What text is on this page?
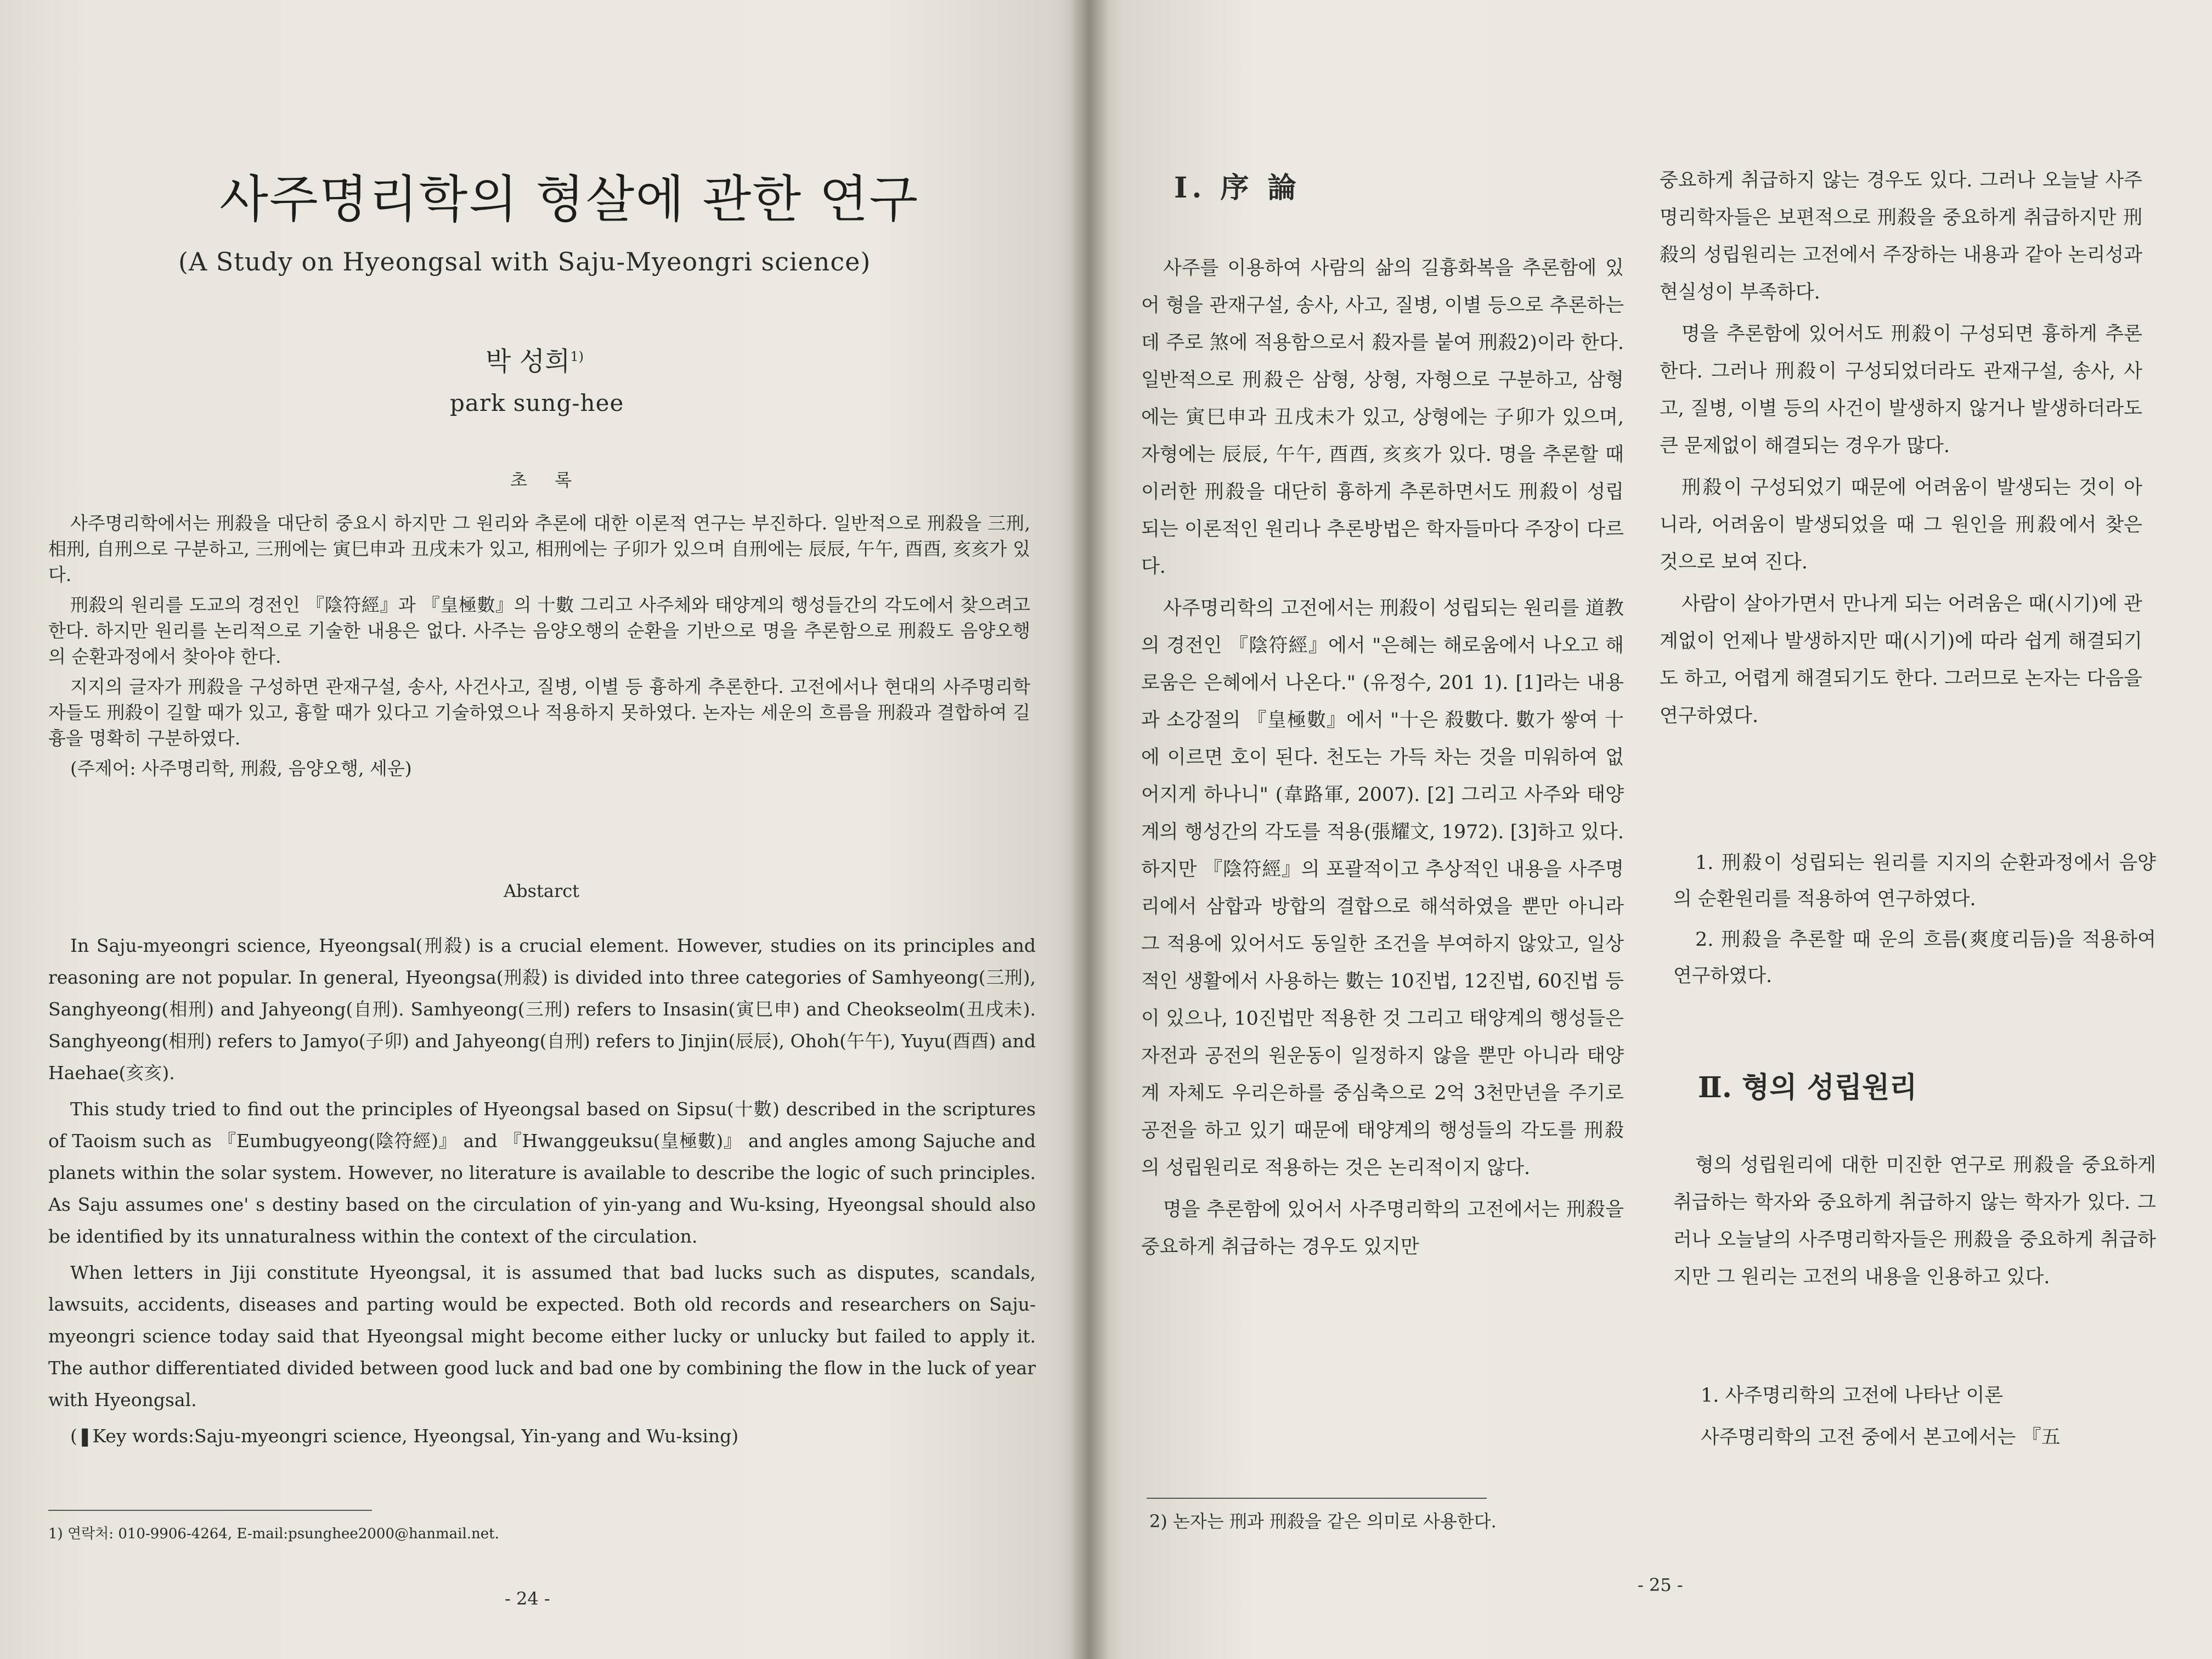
사주명리학의 형살에 관한 연구
(A Study on Hyeongsal with Saju-Myeongri science)
박 성희$^{1)}$
park sung-hee
초 록

사주명리학에서는 刑殺을 대단히 중요시 하지만 그 원리와 추론에 대한 이론적 연구는 부진하다. 일반적으로 刑殺을 三刑, 相刑, 自刑으로 구분하고, 三刑에는 寅巳申과 丑戌未가 있고, 相刑에는 子卯가 있으며 自刑에는 辰辰, 午午, 酉酉, 亥亥가 있다.

刑殺의 원리를 도교의 경전인 『陰符經』과 『皇極數』의 十數 그리고 사주체와 태양계의 행성들간의 각도에서 찾으려고 한다. 하지만 원리를 논리적으로 기술한 내용은 없다. 사주는 음양오행의 순환을 기반으로 명을 추론함으로 刑殺도 음양오행의 순환과정에서 찾아야 한다.

지지의 글자가 刑殺을 구성하면 관재구설, 송사, 사건사고, 질병, 이별 등 흉하게 추론한다. 고전에서나 현대의 사주명리학자들도 刑殺이 길할 때가 있고, 흉할 때가 있다고 기술하였으나 적용하지 못하였다. 논자는 세운의 흐름을 刑殺과 결합하여 길흉을 명확히 구분하였다.

(주제어: 사주명리학, 刑殺, 음양오행, 세운)

Abstarct

In Saju-myeongri science, Hyeongsal(刑殺) is a crucial element. However, studies on its principles and reasoning are not popular. In general, Hyeongsa(刑殺) is divided into three categories of Samhyeong(三刑), Sanghyeong(相刑) and Jahyeong(自刑). Samhyeong(三刑) refers to Insasin(寅巳申) and Cheokseolm(丑戌未). Sanghyeong(相刑) refers to Jamyo(子卯) and Jahyeong(自刑) refers to Jinjin(辰辰), Ohoh(午午), Yuyu(酉酉) and Haehae(亥亥).

This study tried to find out the principles of Hyeongsal based on Sipsu(十數) described in the scriptures of Taoism such as 『Eumbugyeong(陰符經)』 and 『Hwanggeuksu(皇極數)』 and angles among Sajuche and planets within the solar system. However, no literature is available to describe the logic of such principles. As Saju assumes one' s destiny based on the circulation of yin-yang and Wu-ksing, Hyeongsal should also be identified by its unnaturalness within the context of the circulation.

When letters in Jiji constitute Hyeongsal, it is assumed that bad lucks such as disputes, scandals, lawsuits, accidents, diseases and parting would be expected. Both old records and researchers on Saju-myeongri science today said that Hyeongsal might become either lucky or unlucky but failed to apply it. The author differentiated divided between good luck and bad one by combining the flow in the luck of year with Hyeongsal.

(❚Key words:Saju-myeongri science, Hyeongsal, Yin-yang and Wu-ksing)

1) 연락처: 010-9906-4264, E-mail:psunghee2000@hanmail.net.
- 24 -
Ⅰ. 序 論

사주를 이용하여 사람의 삶의 길흉화복을 추론함에 있어 형을 관재구설, 송사, 사고, 질병, 이별 등으로 추론하는데 주로 煞에 적용함으로서 殺자를 붙여 刑殺2)이라 한다. 일반적으로 刑殺은 삼형, 상형, 자형으로 구분하고, 삼형에는 寅巳申과 丑戌未가 있고, 상형에는 子卯가 있으며, 자형에는 辰辰, 午午, 酉酉, 亥亥가 있다. 명을 추론할 때 이러한 刑殺을 대단히 흉하게 추론하면서도 刑殺이 성립되는 이론적인 원리나 추론방법은 학자들마다 주장이 다르다.

사주명리학의 고전에서는 刑殺이 성립되는 원리를 道教의 경전인 『陰符經』에서 "은혜는 해로움에서 나오고 해로움은 은혜에서 나온다." (유정수, 201 1). [1]라는 내용과 소강절의 『皇極數』에서 "十은 殺數다. 數가 쌓여 十에 이르면 호이 된다. 천도는 가득 차는 것을 미워하여 없어지게 하나니" (韋路軍, 2007). [2] 그리고 사주와 태양계의 행성간의 각도를 적용(張耀文, 1972). [3]하고 있다. 하지만 『陰符經』의 포괄적이고 추상적인 내용을 사주명리에서 삼합과 방합의 결합으로 해석하였을 뿐만 아니라 그 적용에 있어서도 동일한 조건을 부여하지 않았고, 일상적인 생활에서 사용하는 數는 10진법, 12진법, 60진법 등이 있으나, 10진법만 적용한 것 그리고 태양계의 행성들은 자전과 공전의 원운동이 일정하지 않을 뿐만 아니라 태양계 자체도 우리은하를 중심축으로 2억 3천만년을 주기로 공전을 하고 있기 때문에 태양계의 행성들의 각도를 刑殺의 성립원리로 적용하는 것은 논리적이지 않다.

명을 추론함에 있어서 사주명리학의 고전에서는 刑殺을 중요하게 취급하는 경우도 있지만

중요하게 취급하지 않는 경우도 있다. 그러나 오늘날 사주명리학자들은 보편적으로 刑殺을 중요하게 취급하지만 刑殺의 성립원리는 고전에서 주장하는 내용과 같아 논리성과 현실성이 부족하다.

명을 추론함에 있어서도 刑殺이 구성되면 흉하게 추론한다. 그러나 刑殺이 구성되었더라도 관재구설, 송사, 사고, 질병, 이별 등의 사건이 발생하지 않거나 발생하더라도 큰 문제없이 해결되는 경우가 많다.

刑殺이 구성되었기 때문에 어려움이 발생되는 것이 아니라, 어려움이 발생되었을 때 그 원인을 刑殺에서 찾은 것으로 보여 진다.

사람이 살아가면서 만나게 되는 어려움은 때(시기)에 관계없이 언제나 발생하지만 때(시기)에 따라 쉽게 해결되기도 하고, 어렵게 해결되기도 한다. 그러므로 논자는 다음을 연구하였다.

1. 刑殺이 성립되는 원리를 지지의 순환과정에서 음양의 순환원리를 적용하여 연구하였다.

2. 刑殺을 추론할 때 운의 흐름(爽度리듬)을 적용하여 연구하였다.

Ⅱ. 형의 성립원리

형의 성립원리에 대한 미진한 연구로 刑殺을 중요하게 취급하는 학자와 중요하게 취급하지 않는 학자가 있다. 그러나 오늘날의 사주명리학자들은 刑殺을 중요하게 취급하지만 그 원리는 고전의 내용을 인용하고 있다.

1. 사주명리학의 고전에 나타난 이론

사주명리학의 고전 중에서 본고에서는 『五

2) 논자는 刑과 刑殺을 같은 의미로 사용한다.
- 25 -
